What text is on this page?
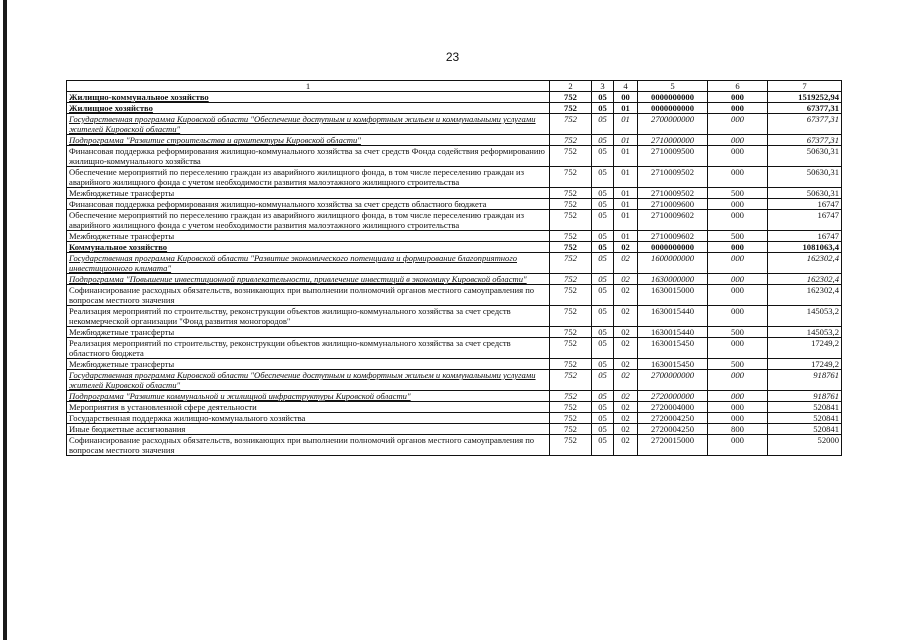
23
1	2	3	4	5	6	7
Жилищно-коммунальное хозяйство	752	05	00	0000000000	000	1519252,94
Жилищное хозяйство	752	05	01	0000000000	000	67377,31
Государственная программа Кировской области "Обеспечение доступным и комфортным жильем и коммунальными услугами жителей Кировской области"	752	05	01	2700000000	000	67377,31
Подпрограмма "Развитие строительства и архитектуры Кировской области"	752	05	01	2710000000	000	67377,31
Финансовая поддержка реформирования жилищно-коммунального хозяйства за счет средств Фонда содействия реформированию жилищно-коммунального хозяйства	752	05	01	2710009500	000	50630,31
Обеспечение мероприятий по переселению граждан из аварийного жилищного фонда, в том числе переселению граждан из аварийного жилищного фонда с учетом необходимости развития малоэтажного жилищного строительства	752	05	01	2710009502	000	50630,31
Межбюджетные трансферты	752	05	01	2710009502	500	50630,31
Финансовая поддержка реформирования жилищно-коммунального хозяйства за счет средств областного бюджета	752	05	01	2710009600	000	16747
Обеспечение мероприятий по переселению граждан из аварийного жилищного фонда, в том числе переселению граждан из аварийного жилищного фонда с учетом необходимости развития малоэтажного жилищного строительства	752	05	01	2710009602	000	16747
Межбюджетные трансферты	752	05	01	2710009602	500	16747
Коммунальное хозяйство	752	05	02	0000000000	000	1081063,4
Государственная программа Кировской области "Развитие экономического потенциала и формирование благоприятного инвестиционного климата"	752	05	02	1600000000	000	162302,4
Подпрограмма "Повышение инвестиционной привлекательности, привлечение инвестиций в экономику Кировской области"	752	05	02	1630000000	000	162302,4
Софинансирование расходных обязательств, возникающих при выполнении полномочий органов местного самоуправления по вопросам местного значения	752	05	02	1630015000	000	162302,4
Реализация мероприятий по строительству, реконструкции объектов жилищно-коммунального хозяйства за счет средств некоммерческой организации "Фонд развития моногородов"	752	05	02	1630015440	000	145053,2
Межбюджетные трансферты	752	05	02	1630015440	500	145053,2
Реализация мероприятий по строительству, реконструкции объектов жилищно-коммунального хозяйства за счет средств областного бюджета	752	05	02	1630015450	000	17249,2
Межбюджетные трансферты	752	05	02	1630015450	500	17249,2
Государственная программа Кировской области "Обеспечение доступным и комфортным жильем и коммунальными услугами жителей Кировской области"	752	05	02	2700000000	000	918761
Подпрограмма "Развитие коммунальной и жилищной инфраструктуры Кировской области"	752	05	02	2720000000	000	918761
Мероприятия в установленной сфере деятельности	752	05	02	2720004000	000	520841
Государственная поддержка жилищно-коммунального хозяйства	752	05	02	2720004250	000	520841
Иные бюджетные ассигнования	752	05	02	2720004250	800	520841
Софинансирование расходных обязательств, возникающих при выполнении полномочий органов местного самоуправления по вопросам местного значения	752	05	02	2720015000	000	52000
